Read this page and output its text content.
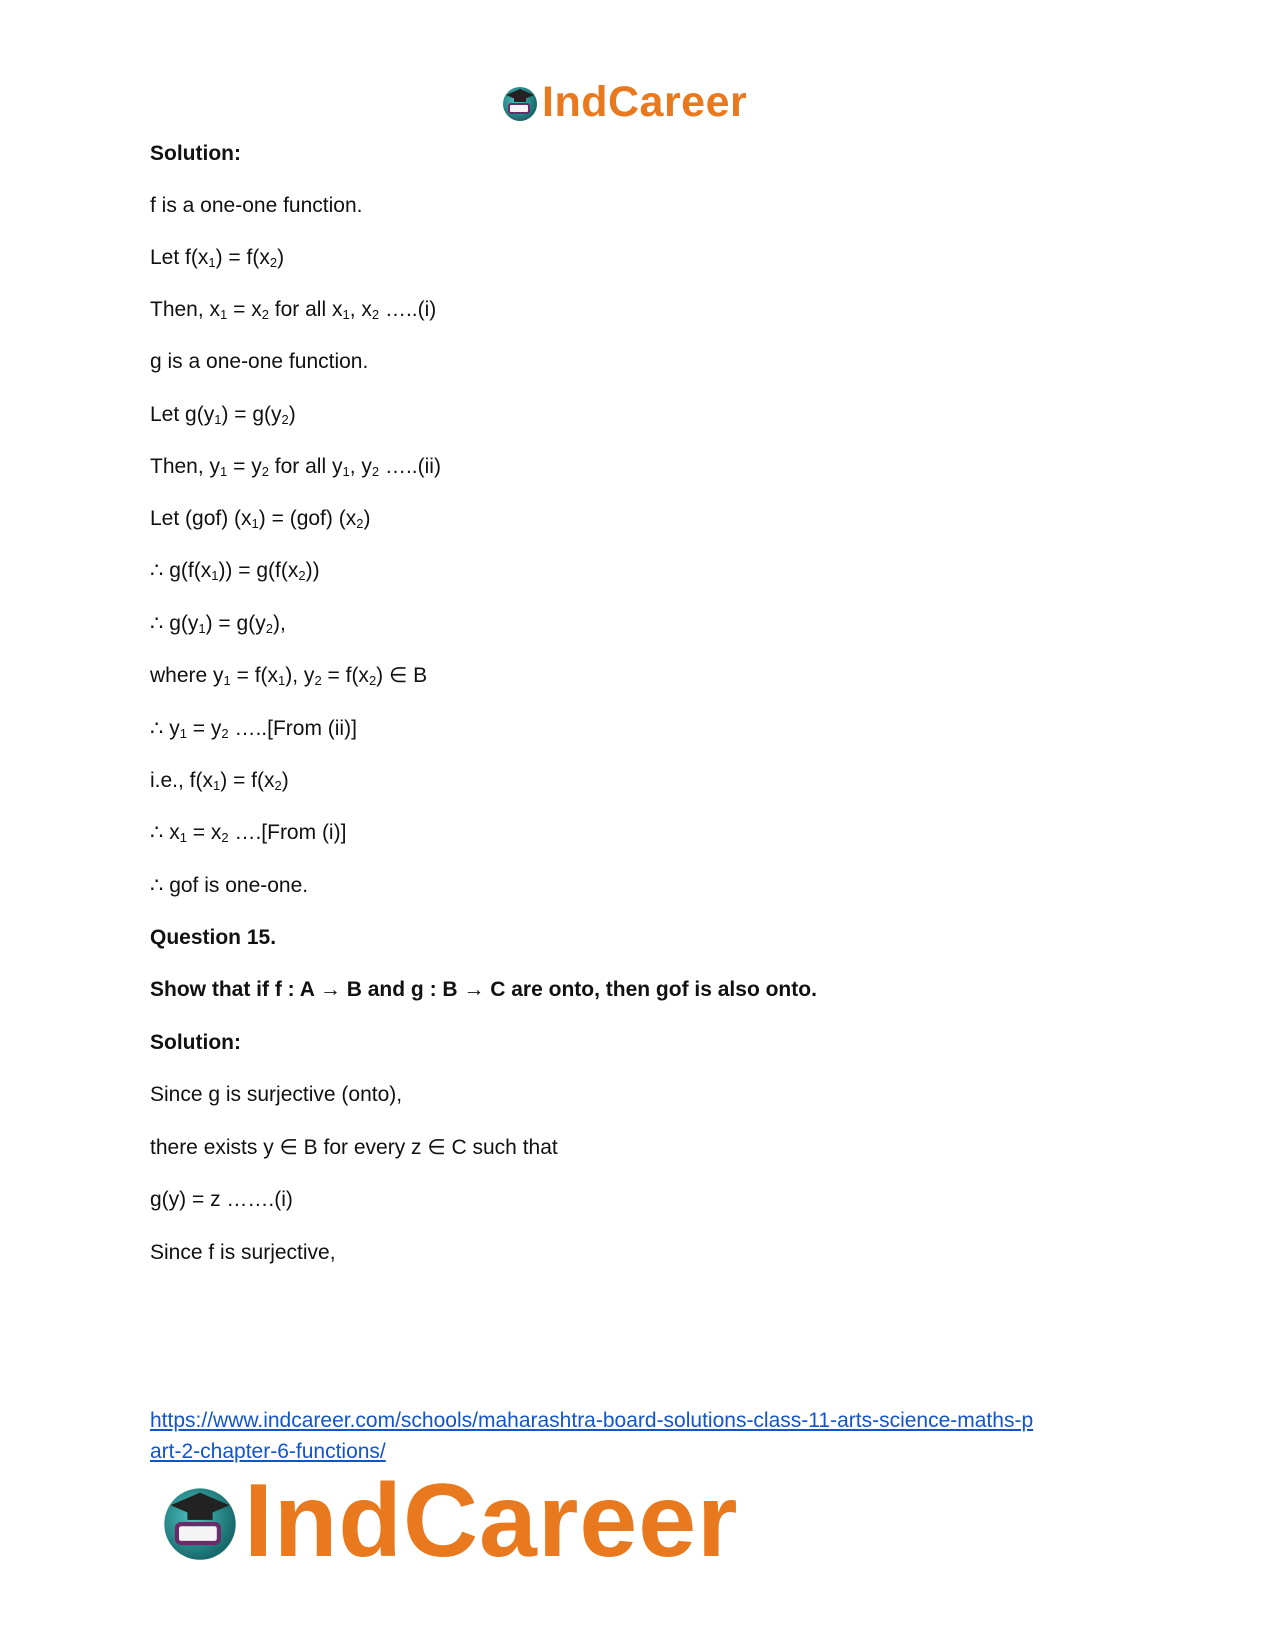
IndCareer
Solution:
f is a one-one function.
Let $f(x_1) = f(x_2)$
Then, $x_1 = x_2$ for all $x_1$, $x_2$ …..(i)
g is a one-one function.
Let $g(y_1) = g(y_2)$
Then, $y_1 = y_2$ for all $y_1$, $y_2$ …..(ii)
Let (gof) $(x_1) = (gof)$ $(x_2)$
∴ $g(f(x_1)) = g(f(x_2))$
∴ $g(y_1) = g(y_2)$,
where $y_1 = f(x_1)$, $y_2 = f(x_2)$ ∈ B
∴ $y_1 = y_2$ …..[From (ii)]
i.e., $f(x_1) = f(x_2)$
∴ $x_1 = x_2$ ….[From (i)]
∴ gof is one-one.
Question 15.
Show that if f : A → B and g : B → C are onto, then gof is also onto.
Solution:
Since g is surjective (onto),
there exists y ∈ B for every z ∈ C such that
g(y) = z …….(i)
Since f is surjective,
https://www.indcareer.com/schools/maharashtra-board-solutions-class-11-arts-science-maths-p
art-2-chapter-6-functions/
IndCareer
